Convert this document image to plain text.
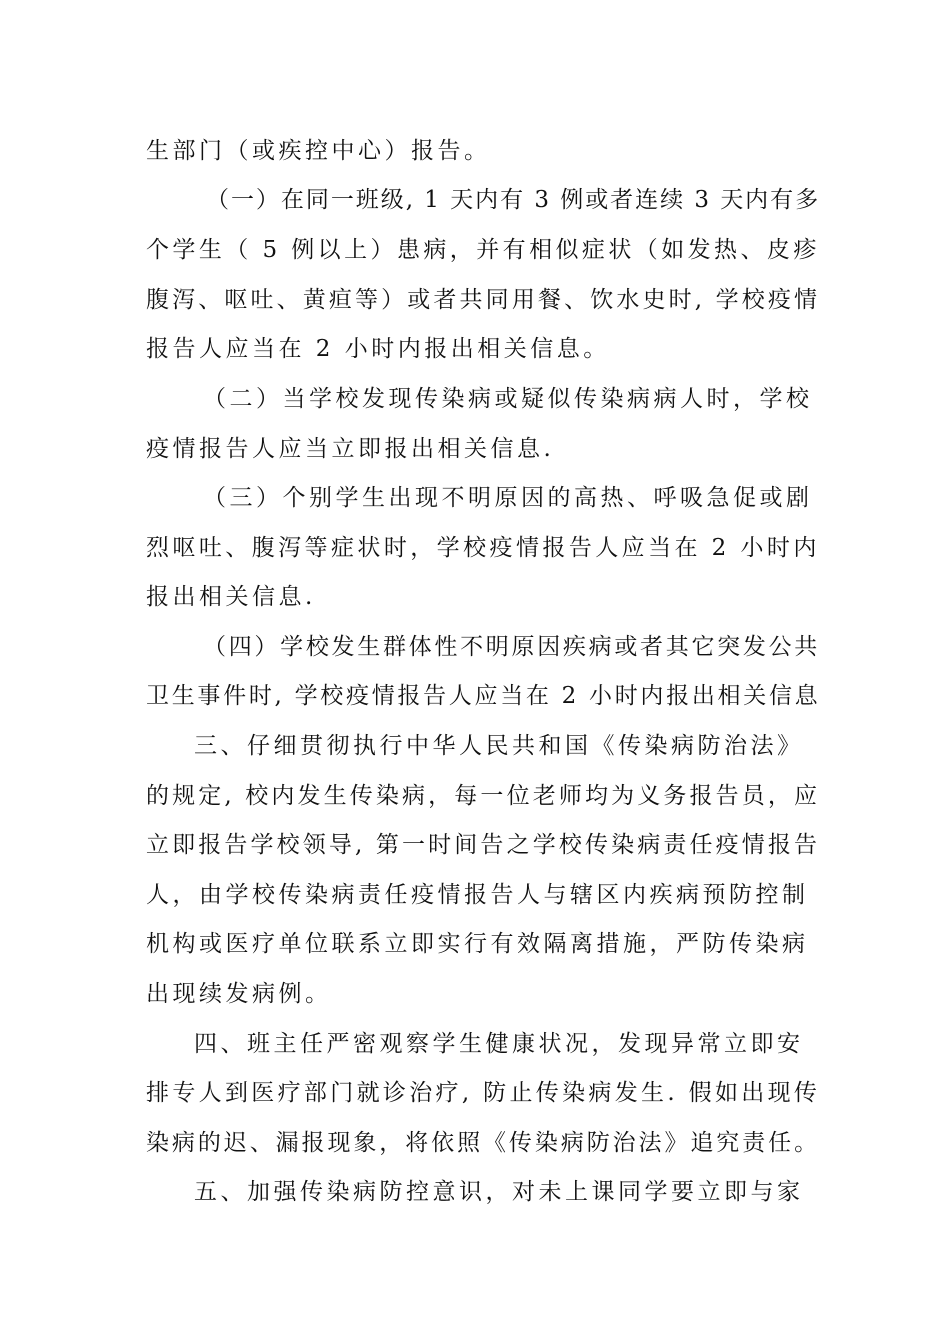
生部门（或疾控中心）报告。
（一）在同一班级, 1 天内有 3 例或者连续 3 天内有多
个学生（ 5 例以上）患病，并有相似症状（如发热、皮疹
腹泻、呕吐、黄疸等）或者共同用餐、饮水史时, 学校疫情
报告人应当在 2 小时内报出相关信息。
（二）当学校发现传染病或疑似传染病病人时，学校
疫情报告人应当立即报出相关信息.
（三）个别学生出现不明原因的高热、呼吸急促或剧
烈呕吐、腹泻等症状时，学校疫情报告人应当在 2 小时内
报出相关信息.
（四）学校发生群体性不明原因疾病或者其它突发公共
卫生事件时, 学校疫情报告人应当在 2 小时内报出相关信息
三、仔细贯彻执行中华人民共和国《传染病防治法》
的规定, 校内发生传染病，每一位老师均为义务报告员，应
立即报告学校领导, 第一时间告之学校传染病责任疫情报告
人，由学校传染病责任疫情报告人与辖区内疾病预防控制
机构或医疗单位联系立即实行有效隔离措施，严防传染病
出现续发病例。
四、班主任严密观察学生健康状况，发现异常立即安
排专人到医疗部门就诊治疗, 防止传染病发生. 假如出现传
染病的迟、漏报现象，将依照《传染病防治法》追究责任。
五、加强传染病防控意识，对未上课同学要立即与家
